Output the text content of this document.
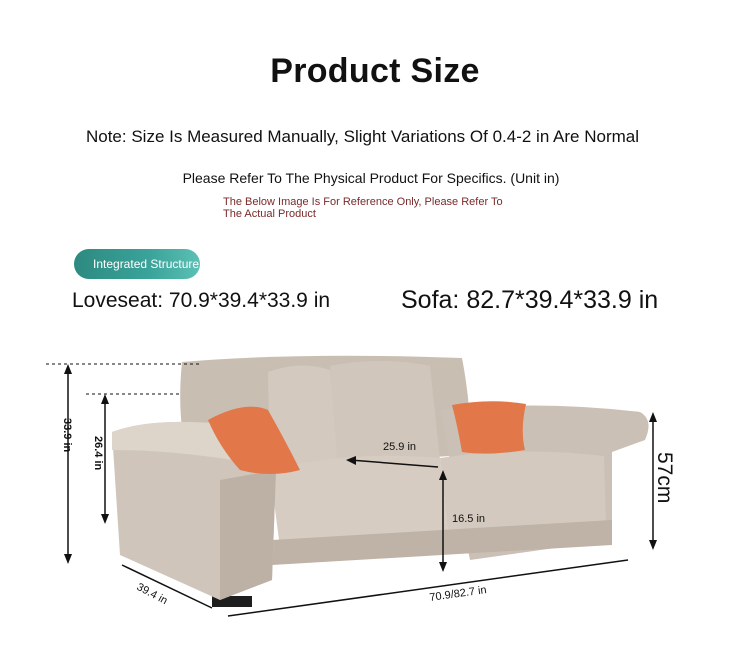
Product Size
Note: Size Is Measured Manually, Slight Variations Of 0.4-2 in Are Normal
Please Refer To The Physical Product For Specifics. (Unit in)
The Below Image Is For Reference Only, Please Refer To
The Actual Product
Integrated Structure
Loveseat: 70.9*39.4*33.9 in	Sofa: 82.7*39.4*33.9 in
33.9 in
26.4 in	25.9 in
16.5 in
39.4 in	70.9/82.7 in
57cm
